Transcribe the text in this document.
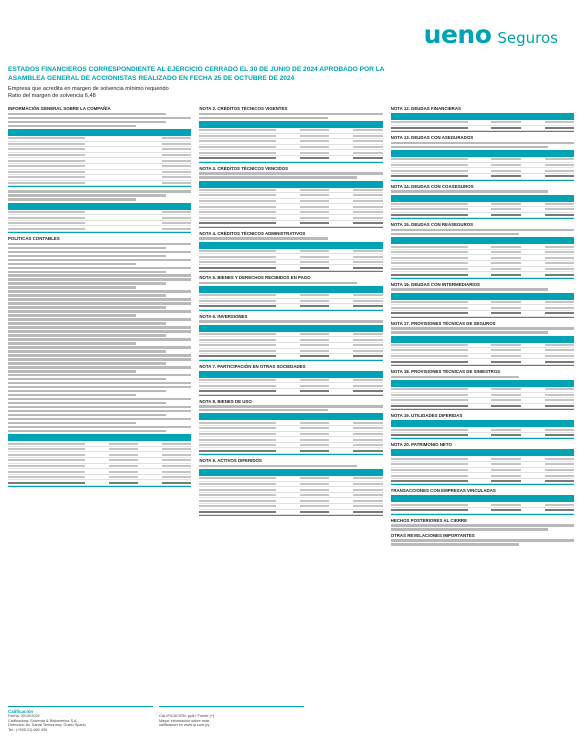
ueno Seguros
ESTADOS FINANCIEROS CORRESPONDIENTE AL EJERCICIO CERRADO EL 30 DE JUNIO DE 2024 APROBADO POR LA ASAMBLEA GENERAL DE ACCIONISTAS REALIZADO EN FECHA 25 DE OCTUBRE DE 2024
Empresa que acredita en margen de solvencia mínimo requerido
Ratio del margen de solvencia 6,48
INFORMACIÓN GENERAL SOBRE LA COMPAÑÍA

POLÍTICAS CONTABLES

NOTA 2. CRÉDITOS TÉCNICOS VIGENTES

NOTA 3. CRÉDITOS TÉCNICOS VENCIDOS

NOTA 4. CRÉDITOS TÉCNICOS ADMINISTRATIVOS

NOTA 5. BIENES Y DERECHOS RECIBIDOS EN PAGO

NOTA 6. INVERSIONES

NOTA 7. PARTICIPACIÓN EN OTRAS SOCIEDADES

NOTA 8. BIENES DE USO

NOTA 9. ACTIVOS DIFERIDOS

NOTA 12. DEUDAS FINANCIERAS

NOTA 13. DEUDAS CON ASEGURADOS

NOTA 14. DEUDAS CON COASEGUROS

NOTA 15. DEUDAS CON REASEGUROS

NOTA 16. DEUDAS CON INTERMEDIARIOS

NOTA 17. PROVISIONES TÉCNICAS DE SEGUROS

NOTA 18. PROVISIONES TÉCNICAS DE SINIESTROS

NOTA 19. UTILIDADES DIFERIDAS

NOTA 20. PATRIMONIO NETO

TRANSACCIONES CON EMPRESAS VINCULADAS

HECHOS POSTERIORES AL CIERRE
OTRAS REVELACIONES IMPORTANTES
Calificación
Fecha: 30/10/2024
Calificadora: Solventa & Riskmetrica S.A.
Dirección: Av. Santa Teresa esq. Guido Spano
Tel.: (+595 21) 660 439

CALIFICACIÓN: pyA+ Fuerte (+).
Mayor información sobre esta
calificación en www.ip.com.py.
